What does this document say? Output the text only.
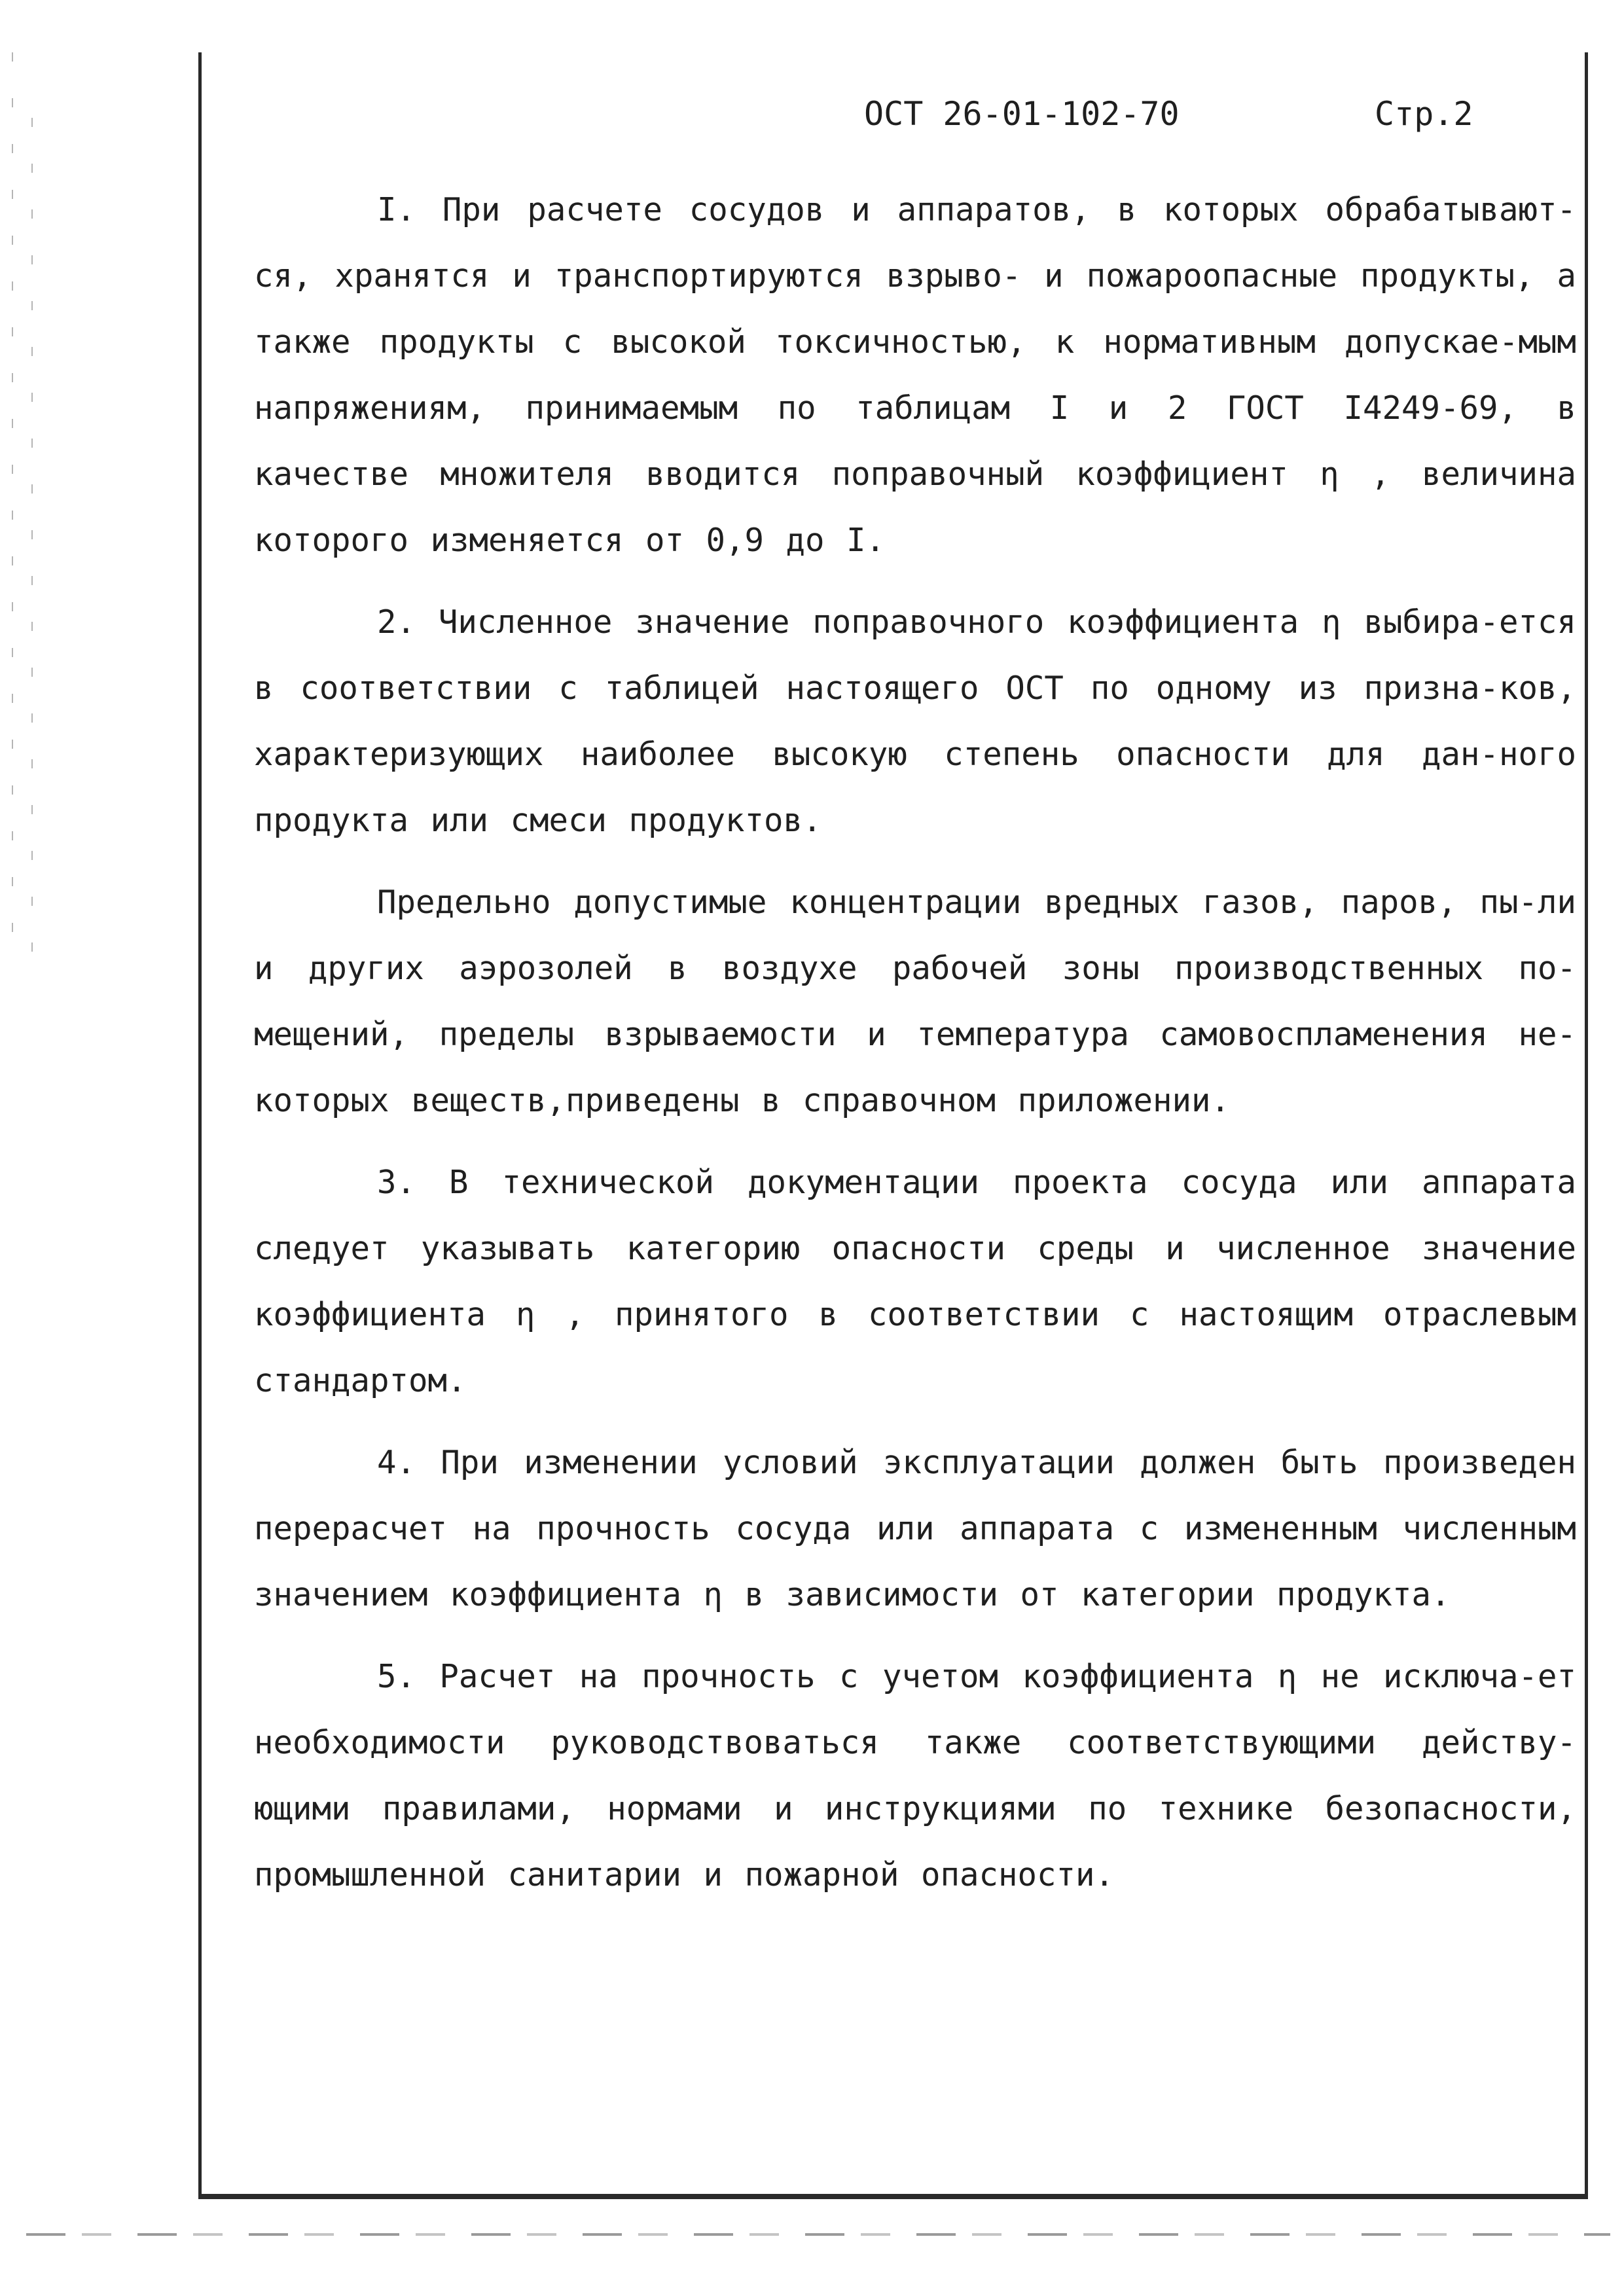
ОСТ 26-01-102-70	Стр.2

I. При расчете сосудов и аппаратов, в которых обрабатывают-ся, хранятся и транспортируются взрыво- и пожароопасные продукты, а также продукты с высокой токсичностью, к нормативным допускае-мым напряжениям, принимаемым по таблицам I и 2 ГОСТ I4249-69, в качестве множителя вводится поправочный коэффициент η , величина которого изменяется от 0,9 до I.

2. Численное значение поправочного коэффициента η выбира-ется в соответствии с таблицей настоящего ОСТ по одному из призна-ков, характеризующих наиболее высокую степень опасности для дан-ного продукта или смеси продуктов.

Предельно допустимые концентрации вредных газов, паров, пы-ли и других аэрозолей в воздухе рабочей зоны производственных по-мещений, пределы взрываемости и температура самовоспламенения не-которых веществ,приведены в справочном приложении.

3. В технической документации проекта сосуда или аппарата следует указывать категорию опасности среды и численное значение коэффициента η , принятого в соответствии с настоящим отраслевым стандартом.

4. При изменении условий эксплуатации должен быть произведен перерасчет на прочность сосуда или аппарата с измененным численным значением коэффициента η в зависимости от категории продукта.

5. Расчет на прочность с учетом коэффициента η не исключа-ет необходимости руководствоваться также соответствующими действу-ющими правилами, нормами и инструкциями по технике безопасности, промышленной санитарии и пожарной опасности.
